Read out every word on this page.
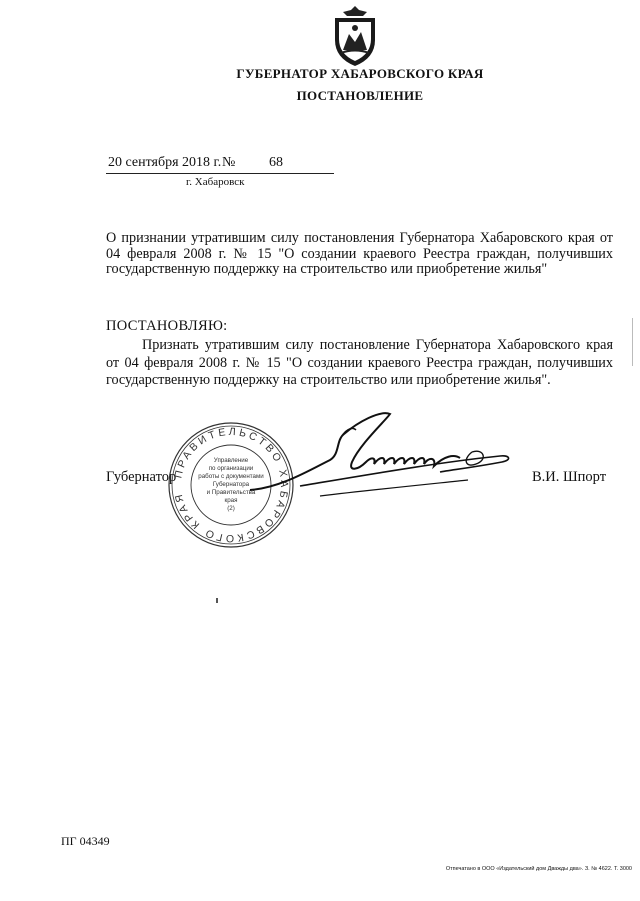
ГУБЕРНАТОР ХАБАРОВСКОГО КРАЯ
ПОСТАНОВЛЕНИЕ
20 сентября 2018 г. № 68
г. Хабаровск
О признании утратившим силу постановления Губернатора Хабаровского края от 04 февраля 2008 г. № 15 "О создании краевого Реестра граждан, получивших государственную поддержку на строительство или приобретение жилья"
ПОСТАНОВЛЯЮ:
Признать утратившим силу постановление Губернатора Хабаровского края от 04 февраля 2008 г. № 15 "О создании краевого Реестра граждан, получивших государственную поддержку на строительство или приобретение жилья".
Губернатор	В.И. Шпорт
ПРАВИТЕЛЬСТВО ХАБАРОВСКОГО КРАЯ
Управление
по организации
работы с документами
Губернатора
и Правительства
края
(2)
ПГ 04349
Отпечатано в ООО «Издательский дом Дважды два». З. № 4622. Т. 3000
